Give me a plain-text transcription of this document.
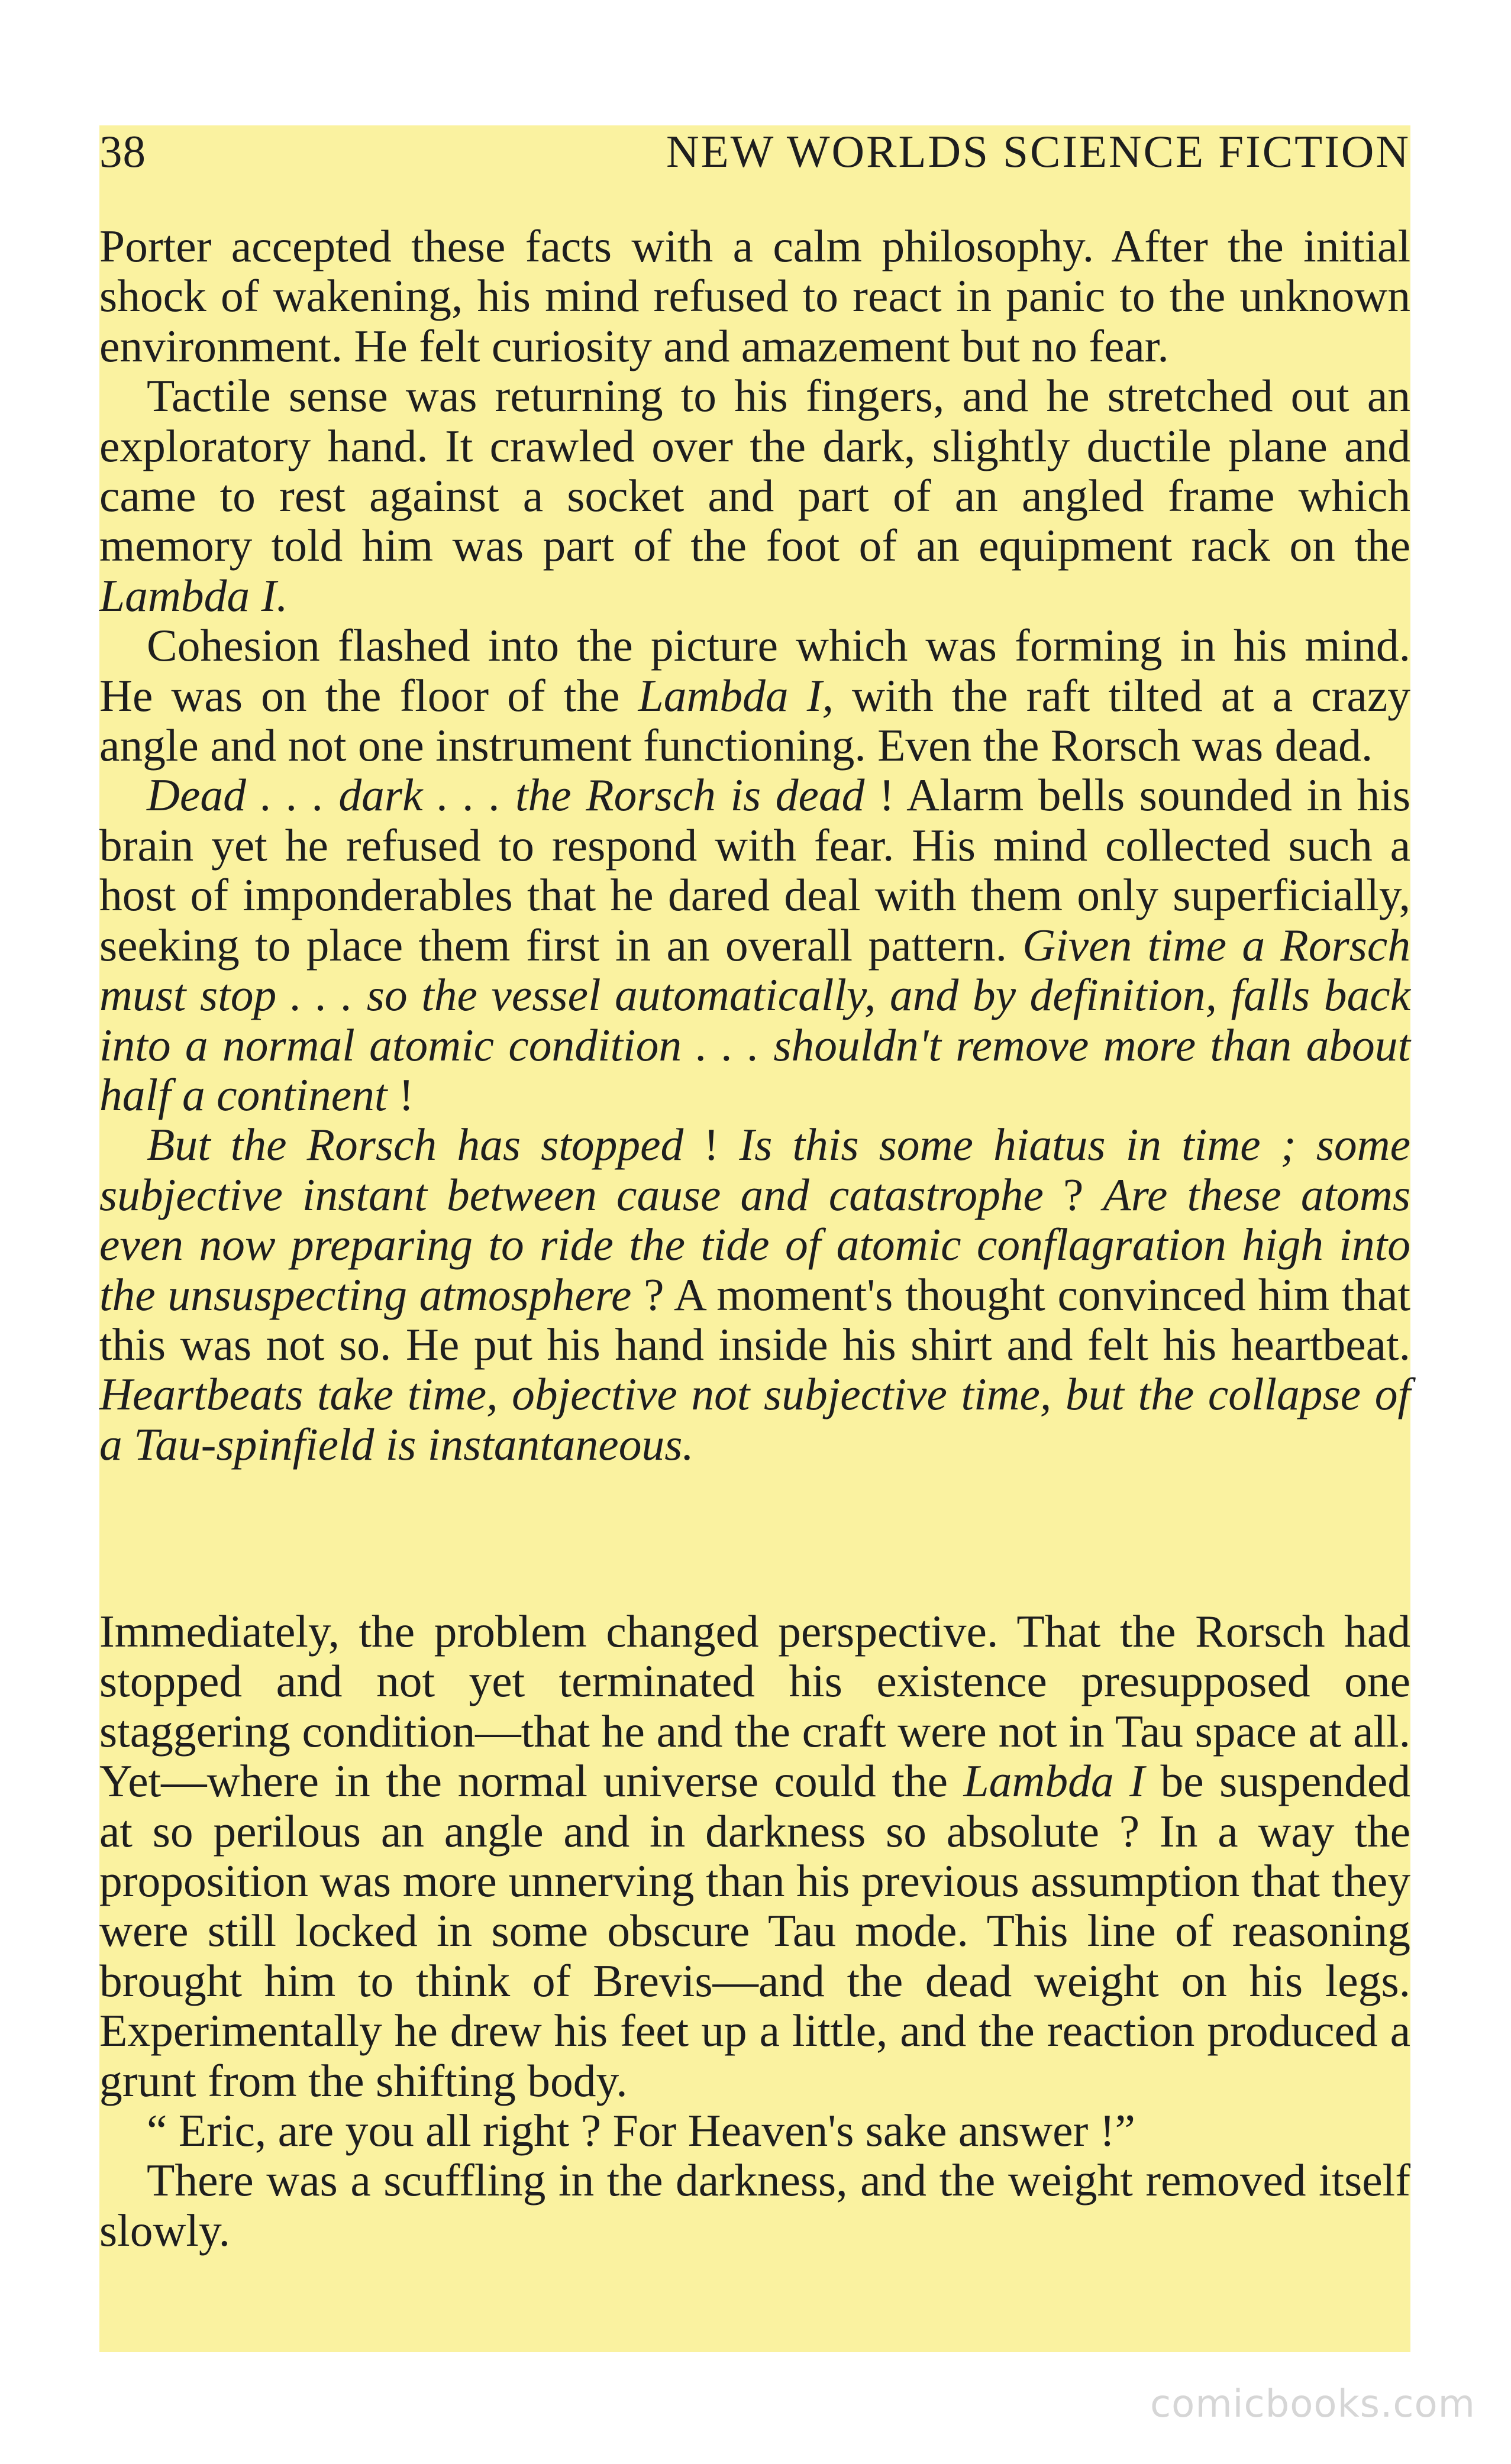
38	NEW WORLDS SCIENCE FICTION

Porter accepted these facts with a calm philosophy. After the initial shock of wakening, his mind refused to react in panic to the unknown environment. He felt curiosity and amazement but no fear.

Tactile sense was returning to his fingers, and he stretched out an exploratory hand. It crawled over the dark, slightly ductile plane and came to rest against a socket and part of an angled frame which memory told him was part of the foot of an equipment rack on the Lambda I.

Cohesion flashed into the picture which was forming in his mind. He was on the floor of the Lambda I, with the raft tilted at a crazy angle and not one instrument functioning. Even the Rorsch was dead.

Dead . . . dark . . . the Rorsch is dead ! Alarm bells sounded in his brain yet he refused to respond with fear. His mind collected such a host of imponderables that he dared deal with them only superficially, seeking to place them first in an overall pattern. Given time a Rorsch must stop . . . so the vessel automatically, and by definition, falls back into a normal atomic condition . . . shouldn't remove more than about half a continent !

But the Rorsch has stopped ! Is this some hiatus in time ; some subjective instant between cause and catastrophe ? Are these atoms even now preparing to ride the tide of atomic conflagration high into the unsuspecting atmosphere ? A moment's thought convinced him that this was not so. He put his hand inside his shirt and felt his heartbeat. Heartbeats take time, objective not subjective time, but the collapse of a Tau-spinfield is instantaneous.

Immediately, the problem changed perspective. That the Rorsch had stopped and not yet terminated his existence presupposed one staggering condition—that he and the craft were not in Tau space at all. Yet—where in the normal universe could the Lambda I be suspended at so perilous an angle and in darkness so absolute ? In a way the proposition was more unnerving than his previous assumption that they were still locked in some obscure Tau mode. This line of reasoning brought him to think of Brevis—and the dead weight on his legs. Experimentally he drew his feet up a little, and the reaction produced a grunt from the shifting body.

“ Eric, are you all right ? For Heaven's sake answer !”

There was a scuffling in the darkness, and the weight removed itself slowly.

comicbooks.com
